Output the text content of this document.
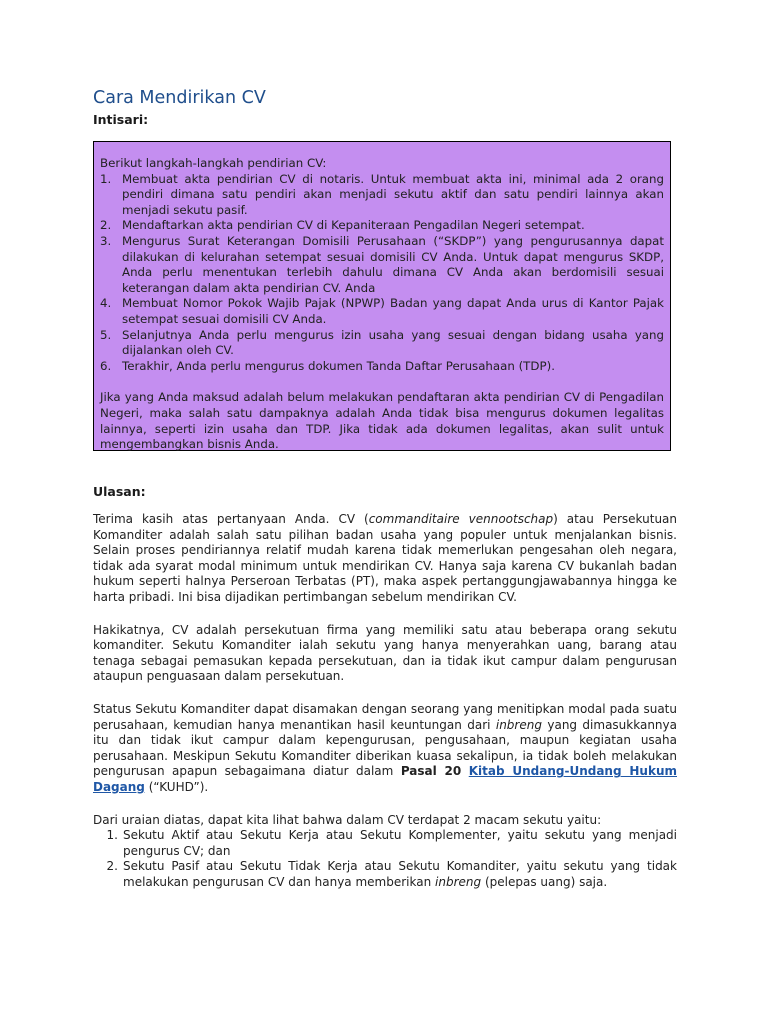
Cara Mendirikan CV
Intisari:

Berikut langkah-langkah pendirian CV:

1. Membuat akta pendirian CV di notaris. Untuk membuat akta ini, minimal ada 2 orang pendiri dimana satu pendiri akan menjadi sekutu aktif dan satu pendiri lainnya akan menjadi sekutu pasif.
2. Mendaftarkan akta pendirian CV di Kepaniteraan Pengadilan Negeri setempat.
3. Mengurus Surat Keterangan Domisili Perusahaan (“SKDP”) yang pengurusannya dapat dilakukan di kelurahan setempat sesuai domisili CV Anda. Untuk dapat mengurus SKDP, Anda perlu menentukan terlebih dahulu dimana CV Anda akan berdomisili sesuai keterangan dalam akta pendirian CV. Anda
4. Membuat Nomor Pokok Wajib Pajak (NPWP) Badan yang dapat Anda urus di Kantor Pajak setempat sesuai domisili CV Anda.
5. Selanjutnya Anda perlu mengurus izin usaha yang sesuai dengan bidang usaha yang dijalankan oleh CV.
6. Terakhir, Anda perlu mengurus dokumen Tanda Daftar Perusahaan (TDP).

Jika yang Anda maksud adalah belum melakukan pendaftaran akta pendirian CV di Pengadilan Negeri, maka salah satu dampaknya adalah Anda tidak bisa mengurus dokumen legalitas lainnya, seperti izin usaha dan TDP. Jika tidak ada dokumen legalitas, akan sulit untuk mengembangkan bisnis Anda.

Ulasan:

Terima kasih atas pertanyaan Anda. CV (commanditaire vennootschap) atau Persekutuan Komanditer adalah salah satu pilihan badan usaha yang populer untuk menjalankan bisnis. Selain proses pendiriannya relatif mudah karena tidak memerlukan pengesahan oleh negara, tidak ada syarat modal minimum untuk mendirikan CV. Hanya saja karena CV bukanlah badan hukum seperti halnya Perseroan Terbatas (PT), maka aspek pertanggungjawabannya hingga ke harta pribadi. Ini bisa dijadikan pertimbangan sebelum mendirikan CV.

Hakikatnya, CV adalah persekutuan firma yang memiliki satu atau beberapa orang sekutu komanditer. Sekutu Komanditer ialah sekutu yang hanya menyerahkan uang, barang atau tenaga sebagai pemasukan kepada persekutuan, dan ia tidak ikut campur dalam pengurusan ataupun penguasaan dalam persekutuan.

Status Sekutu Komanditer dapat disamakan dengan seorang yang menitipkan modal pada suatu perusahaan, kemudian hanya menantikan hasil keuntungan dari inbreng yang dimasukkannya itu dan tidak ikut campur dalam kepengurusan, pengusahaan, maupun kegiatan usaha perusahaan. Meskipun Sekutu Komanditer diberikan kuasa sekalipun, ia tidak boleh melakukan pengurusan apapun sebagaimana diatur dalam Pasal 20 Kitab Undang-Undang Hukum Dagang (“KUHD”).

Dari uraian diatas, dapat kita lihat bahwa dalam CV terdapat 2 macam sekutu yaitu:

1. Sekutu Aktif atau Sekutu Kerja atau Sekutu Komplementer, yaitu sekutu yang menjadi pengurus CV; dan
2. Sekutu Pasif atau Sekutu Tidak Kerja atau Sekutu Komanditer, yaitu sekutu yang tidak melakukan pengurusan CV dan hanya memberikan inbreng (pelepas uang) saja.
